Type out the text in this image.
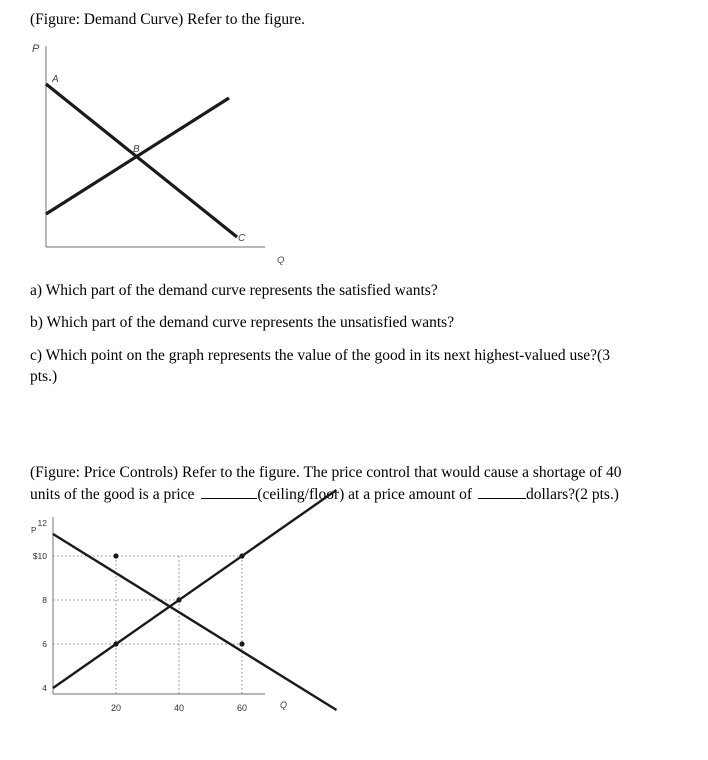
(Figure: Demand Curve) Refer to the figure.
P
A
B
C
Q
a) Which part of the demand curve represents the satisfied wants?
b) Which part of the demand curve represents the unsatisfied wants?
c) Which point on the graph represents the value of the good in its next highest-valued use?(3
pts.)
(Figure: Price Controls) Refer to the figure. The price control that would cause a shortage of 40
units of the good is a price	(ceiling/floor) at a price amount of	dollars?(2 pts.)
P
Q
12
$10
8
6
4
20	40	60
